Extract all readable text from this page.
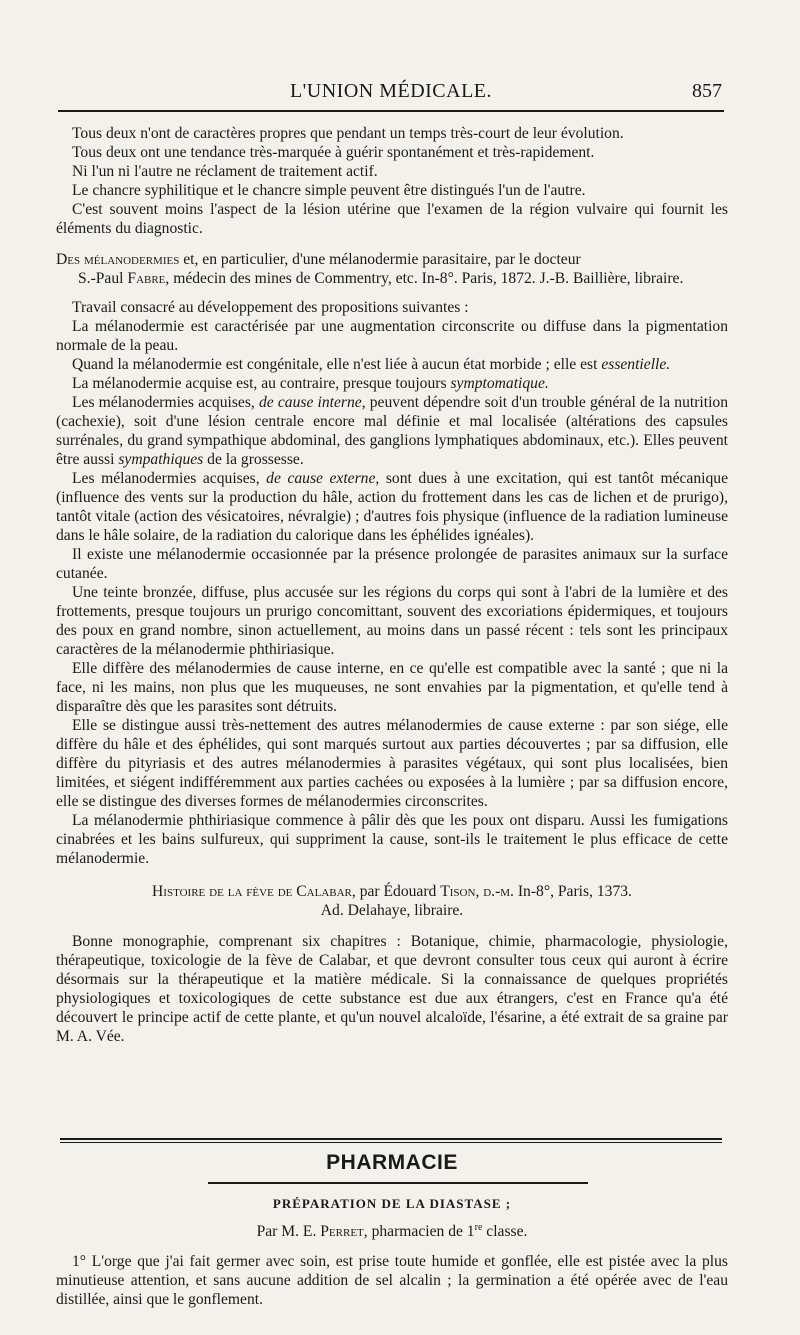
L'UNION MÉDICALE.	857

Tous deux n'ont de caractères propres que pendant un temps très-court de leur évolution.

Tous deux ont une tendance très-marquée à guérir spontanément et très-rapidement.

Ni l'un ni l'autre ne réclament de traitement actif.

Le chancre syphilitique et le chancre simple peuvent être distingués l'un de l'autre.

C'est souvent moins l'aspect de la lésion utérine que l'examen de la région vulvaire qui fournit les éléments du diagnostic.

Des mélanodermies et, en particulier, d'une mélanodermie parasitaire, par le docteur
S.-Paul Fabre, médecin des mines de Commentry, etc. In-8°. Paris, 1872. J.-B. Baillière, libraire.

Travail consacré au développement des propositions suivantes :

La mélanodermie est caractérisée par une augmentation circonscrite ou diffuse dans la pigmentation normale de la peau.

Quand la mélanodermie est congénitale, elle n'est liée à aucun état morbide ; elle est essentielle.

La mélanodermie acquise est, au contraire, presque toujours symptomatique.

Les mélanodermies acquises, de cause interne, peuvent dépendre soit d'un trouble général de la nutrition (cachexie), soit d'une lésion centrale encore mal définie et mal localisée (altérations des capsules surrénales, du grand sympathique abdominal, des ganglions lymphatiques abdominaux, etc.). Elles peuvent être aussi sympathiques de la grossesse.

Les mélanodermies acquises, de cause externe, sont dues à une excitation, qui est tantôt mécanique (influence des vents sur la production du hâle, action du frottement dans les cas de lichen et de prurigo), tantôt vitale (action des vésicatoires, névralgie) ; d'autres fois physique (influence de la radiation lumineuse dans le hâle solaire, de la radiation du calorique dans les éphélides ignéales).

Il existe une mélanodermie occasionnée par la présence prolongée de parasites animaux sur la surface cutanée.

Une teinte bronzée, diffuse, plus accusée sur les régions du corps qui sont à l'abri de la lumière et des frottements, presque toujours un prurigo concomittant, souvent des excoriations épidermiques, et toujours des poux en grand nombre, sinon actuellement, au moins dans un passé récent : tels sont les principaux caractères de la mélanodermie phthiriasique.

Elle diffère des mélanodermies de cause interne, en ce qu'elle est compatible avec la santé ; que ni la face, ni les mains, non plus que les muqueuses, ne sont envahies par la pigmentation, et qu'elle tend à disparaître dès que les parasites sont détruits.

Elle se distingue aussi très-nettement des autres mélanodermies de cause externe : par son siége, elle diffère du hâle et des éphélides, qui sont marqués surtout aux parties découvertes ; par sa diffusion, elle diffère du pityriasis et des autres mélanodermies à parasites végétaux, qui sont plus localisées, bien limitées, et siégent indifféremment aux parties cachées ou exposées à la lumière ; par sa diffusion encore, elle se distingue des diverses formes de mélanodermies circonscrites.

La mélanodermie phthiriasique commence à pâlir dès que les poux ont disparu. Aussi les fumigations cinabrées et les bains sulfureux, qui suppriment la cause, sont-ils le traitement le plus efficace de cette mélanodermie.

Histoire de la fève de Calabar, par Édouard Tison, d.-m. In-8°, Paris, 1373.

Ad. Delahaye, libraire.

Bonne monographie, comprenant six chapitres : Botanique, chimie, pharmacologie, physiologie, thérapeutique, toxicologie de la fève de Calabar, et que devront consulter tous ceux qui auront à écrire désormais sur la thérapeutique et la matière médicale. Si la connaissance de quelques propriétés physiologiques et toxicologiques de cette substance est due aux étrangers, c'est en France qu'a été découvert le principe actif de cette plante, et qu'un nouvel alcaloïde, l'ésarine, a été extrait de sa graine par M. A. Vée.

PHARMACIE
PRÉPARATION DE LA DIASTASE ;
Par M. E. Perret, pharmacien de 1re classe.

1° L'orge que j'ai fait germer avec soin, est prise toute humide et gonflée, elle est pistée avec la plus minutieuse attention, et sans aucune addition de sel alcalin ; la germination a été opérée avec de l'eau distillée, ainsi que le gonflement.
